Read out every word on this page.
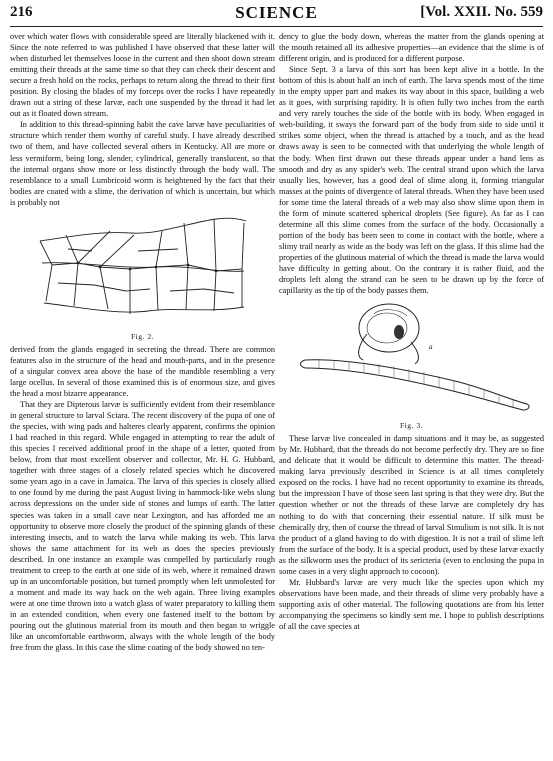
216	SCIENCE	[Vol. XXII. No. 559

over which water flows with considerable speed are literally blackened with it. Since the note referred to was published I have observed that these latter will when disturbed let themselves loose in the current and then shoot down stream emitting their threads at the same time so that they can check their descent and secure a fresh hold on the rocks, perhaps to return along the thread to their first position. By closing the blades of my forceps over the rocks I have repeatedly drawn out a string of these larvæ, each one suspended by the thread it had let out as it floated down stream.

In addition to this thread-spinning habit the cave larvæ have peculiarities of structure which render them worthy of careful study. I have already described two of them, and have collected several others in Kentucky. All are more or less vermiform, being long, slender, cylindrical, generally translucent, so that the internal organs show more or less distinctly through the body wall. The resemblance to a small Lumbricoid worm is heightened by the fact that their bodies are coated with a slime, the derivation of which is uncertain, but which is probably not

Fig. 2.

derived from the glands engaged in secreting the thread. There are common features also in the structure of the head and mouth-parts, and in the presence of a singular convex area above the base of the mandible resembling a very large ocellus. In several of those examined this is of enormous size, and gives the head a most bizarre appearance.

That they are Dipterous larvæ is sufficiently evident from their resemblance in general structure to larval Sciara. The recent discovery of the pupa of one of the species, with wing pads and halteres clearly apparent, confirms the opinion I had reached in this regard. While engaged in attempting to rear the adult of this species I received additional proof in the shape of a letter, quoted from below, from that most excellent observer and collector, Mr. H. G. Hubbard, together with three stages of a closely related species which he discovered some years ago in a cave in Jamaica. The larva of this species is closely allied to one found by me during the past August living in hammock-like webs slung across depressions on the under side of stones and lumps of earth. The latter species was taken in a small cave near Lexington, and has afforded me an opportunity to observe more closely the product of the spinning glands of these interesting insects, and to watch the larva while making its web. This larva shows the same attachment for its web as does the species previously described. In one instance an example was compelled by particularly rough treatment to creep to the earth at one side of its web, where it remained drawn up in an uncomfortable position, but turned promptly when left unmolested for a moment and made its way back on the web again. Three living examples were at one time thrown into a watch glass of water preparatory to killing them in an extended condition, when every one fastened itself to the bottom by pouring out the glutinous material from its mouth and then began to wriggle like an uncomfortable earthworm, always with the whole length of the body free from the glass. In this case the slime coating of the body showed no ten-

dency to glue the body down, whereas the matter from the glands opening at the mouth retained all its adhesive properties—an evidence that the slime is of different origin, and is produced for a different purpose.

Since Sept. 3 a larva of this sort has been kept alive in a bottle. In the bottom of this is about half an inch of earth. The larva spends most of the time in the empty upper part and makes its way about in this space, building a web as it goes, with surprising rapidity. It is often fully two inches from the earth and very rarely touches the side of the bottle with its body. When engaged in web-building, it sways the forward part of the body from side to side until it strikes some object, when the thread is attached by a touch, and as the head draws away is seen to be connected with that underlying the whole length of the body. When first drawn out these threads appear under a hand lens as smooth and dry as any spider's web. The central strand upon which the larva usually lies, however, has a good deal of slime along it, forming triangular masses at the points of divergence of lateral threads. When they have been used for some time the lateral threads of a web may also show slime upon them in the form of minute scattered spherical droplets (See figure). As far as I can determine all this slime comes from the surface of the body. Occasionally a portion of the body has been seen to come in contact with the bottle, where a slimy trail nearly as wide as the body was left on the glass. If this slime had the properties of the glutinous material of which the thread is made the larva would have difficulty in getting about. On the contrary it is rather fluid, and the droplets left along the strand can be seen to be drawn up by the force of capillarity as the tip of the body passes them.

a
Fig. 3.

These larvæ live concealed in damp situations and it may be, as suggested by Mr. Hubbard, that the threads do not become perfectly dry. They are so fine and delicate that it would be difficult to determine this matter. The thread-making larva previously described in Science is at all times completely exposed on the rocks. I have had no recent opportunity to examine its threads, but the impression I have of those seen last spring is that they were dry. But the question whether or not the threads of these larvæ are completely dry has nothing to do with that concerning their essential nature. If silk must be chemically dry, then of course the thread of larval Simulium is not silk. It is not the product of a gland having to do with digestion. It is not a trail of slime left from the surface of the body. It is a special product, used by these larvæ exactly as the silkworm uses the product of its sericteria (even to enclosing the pupa in some cases in a very slight approach to cocoon).

Mr. Hubbard's larvæ are very much like the species upon which my observations have been made, and their threads of slime very probably have a supporting axis of other material. The following quotations are from his letter accompanying the specimens so kindly sent me. I hope to publish descriptions of all the cave species at
